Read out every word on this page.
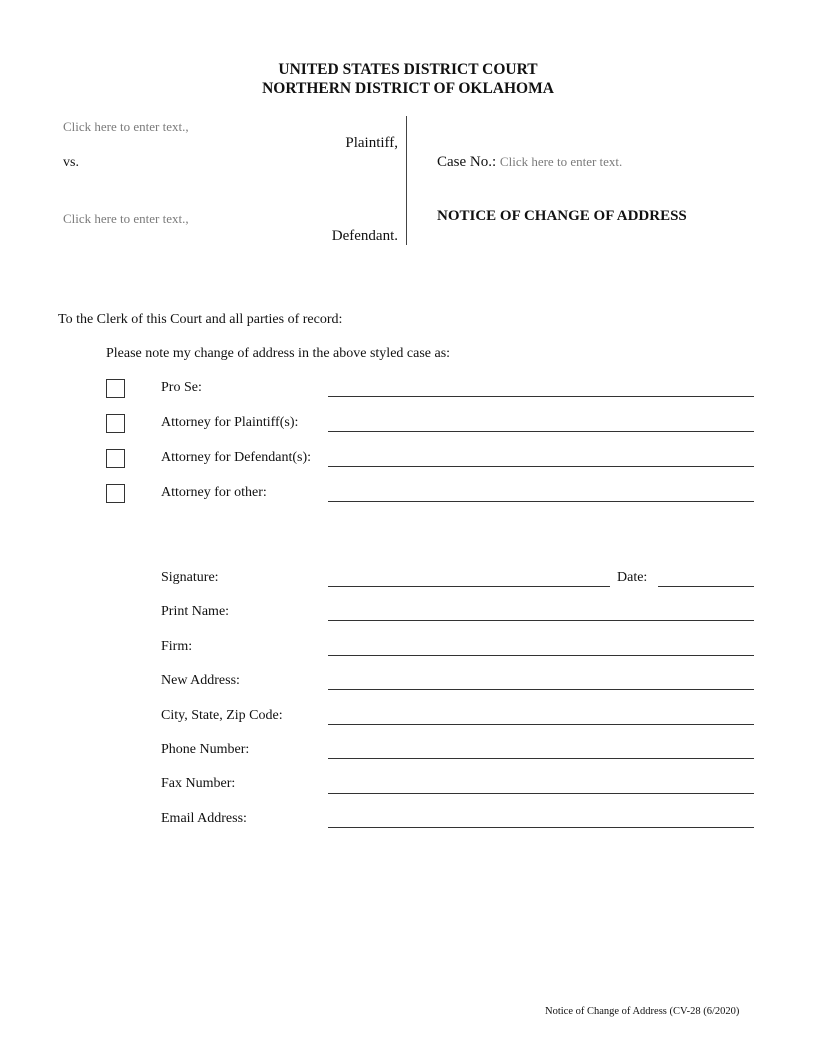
UNITED STATES DISTRICT COURT
NORTHERN DISTRICT OF OKLAHOMA
Click here to enter text.,
Plaintiff,
vs.
Click here to enter text.,
Defendant.
Case No.: Click here to enter text.
NOTICE OF CHANGE OF ADDRESS
To the Clerk of this Court and all parties of record:
Please note my change of address in the above styled case as:
Pro Se:
Attorney for Plaintiff(s):
Attorney for Defendant(s):
Attorney for other:
Signature:	Date:
Print Name:
Firm:
New Address:
City, State, Zip Code:
Phone Number:
Fax Number:
Email Address:
Notice of Change of Address (CV-28 (6/2020)
